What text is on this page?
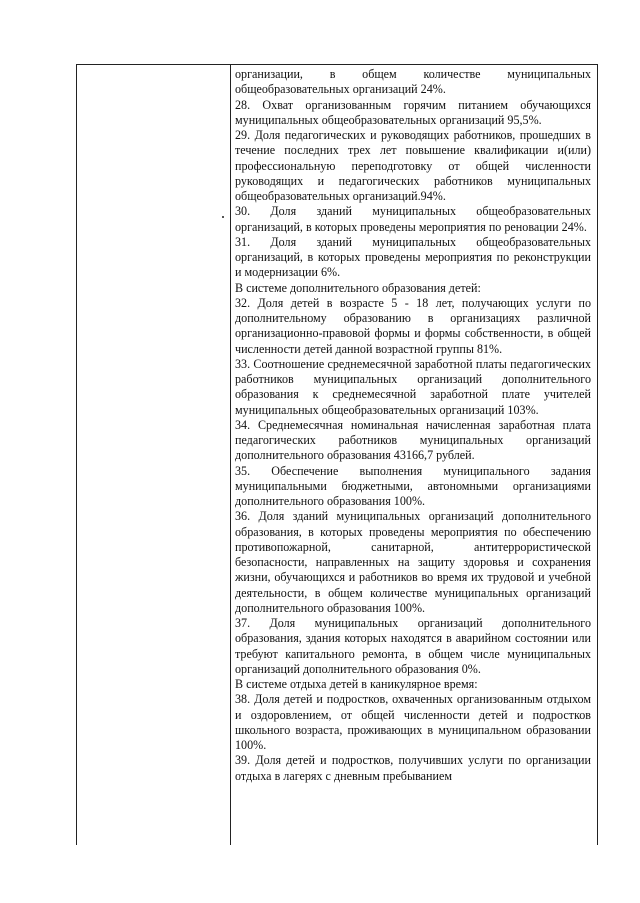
организации, в общем количестве муниципальных общеобразовательных организаций 24%.

28. Охват организованным горячим питанием обучающихся муниципальных общеобразовательных организаций 95,5%.

29. Доля педагогических и руководящих работников, прошедших в течение последних трех лет повышение квалификации и(или) профессиональную переподготовку от общей численности руководящих и педагогических работников муниципальных общеобразовательных организаций.94%.

30. Доля зданий муниципальных общеобразовательных организаций, в которых проведены мероприятия по реновации 24%.

31. Доля зданий муниципальных общеобразовательных организаций, в которых проведены мероприятия по реконструкции и модернизации 6%.

В системе дополнительного образования детей:

32. Доля детей в возрасте 5 - 18 лет, получающих услуги по дополнительному образованию в организациях различной организационно-правовой формы и формы собственности, в общей численности детей данной возрастной группы 81%.

33. Соотношение среднемесячной заработной платы педагогических работников муниципальных организаций дополнительного образования к среднемесячной заработной плате учителей муниципальных общеобразовательных организаций 103%.

34. Среднемесячная номинальная начисленная заработная плата педагогических работников муниципальных организаций дополнительного образования 43166,7 рублей.

35. Обеспечение выполнения муниципального задания муниципальными бюджетными, автономными организациями дополнительного образования 100%.

36. Доля зданий муниципальных организаций дополнительного образования, в которых проведены мероприятия по обеспечению противопожарной, санитарной, антитеррористической безопасности, направленных на защиту здоровья и сохранения жизни, обучающихся и работников во время их трудовой и учебной деятельности, в общем количестве муниципальных организаций дополнительного образования 100%.

37. Доля муниципальных организаций дополнительного образования, здания которых находятся в аварийном состоянии или требуют капитального ремонта, в общем числе муниципальных организаций дополнительного образования 0%.

В системе отдыха детей в каникулярное время:

38. Доля детей и подростков, охваченных организованным отдыхом и оздоровлением, от общей численности детей и подростков школьного возраста, проживающих в муниципальном образовании 100%.

39. Доля детей и подростков, получивших услуги по организации отдыха в лагерях с дневным пребыванием
